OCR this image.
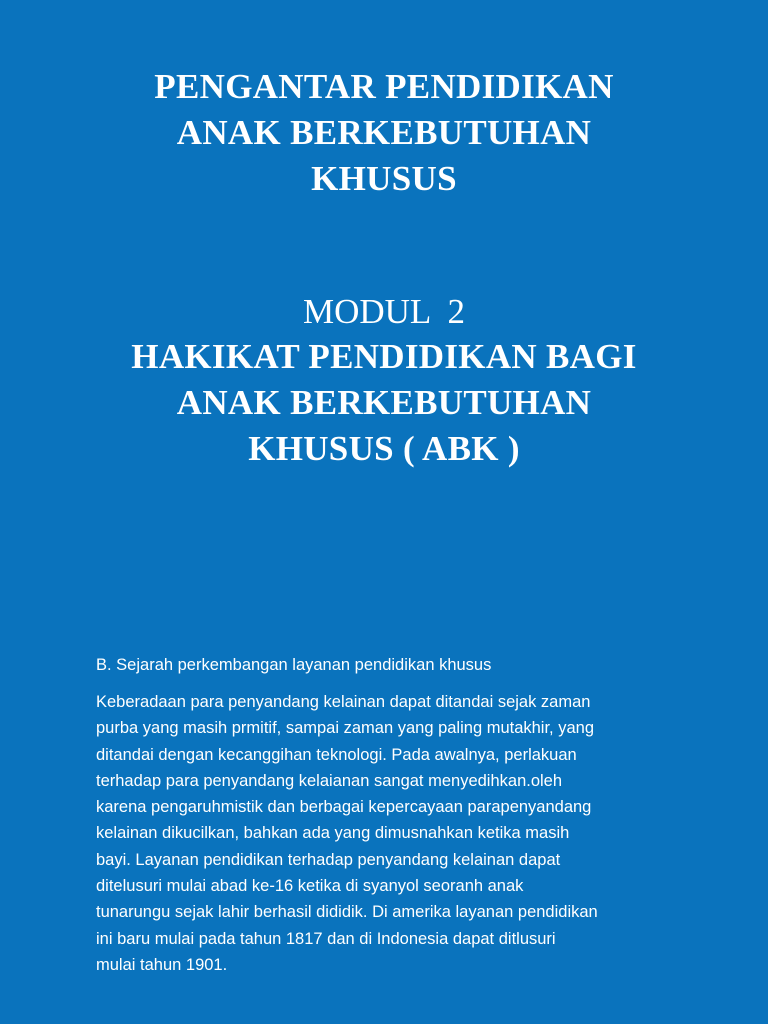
PENGANTAR PENDIDIKAN
ANAK BERKEBUTUHAN
KHUSUS
MODUL  2
HAKIKAT PENDIDIKAN BAGI
ANAK BERKEBUTUHAN
KHUSUS ( ABK )
B. Sejarah perkembangan layanan pendidikan khusus
Keberadaan para penyandang kelainan dapat ditandai sejak zaman
purba yang masih prmitif, sampai zaman yang paling mutakhir, yang
ditandai dengan kecanggihan teknologi. Pada awalnya, perlakuan
terhadap para penyandang kelaianan sangat menyedihkan.oleh
karena pengaruhmistik dan berbagai kepercayaan parapenyandang
kelainan dikucilkan, bahkan ada yang dimusnahkan ketika masih
bayi. Layanan pendidikan terhadap penyandang kelainan dapat
ditelusuri mulai abad ke-16 ketika di syanyol seoranh anak
tunarungu sejak lahir berhasil dididik. Di amerika layanan pendidikan
ini baru mulai pada tahun 1817 dan di Indonesia dapat ditlusuri
mulai tahun 1901.
